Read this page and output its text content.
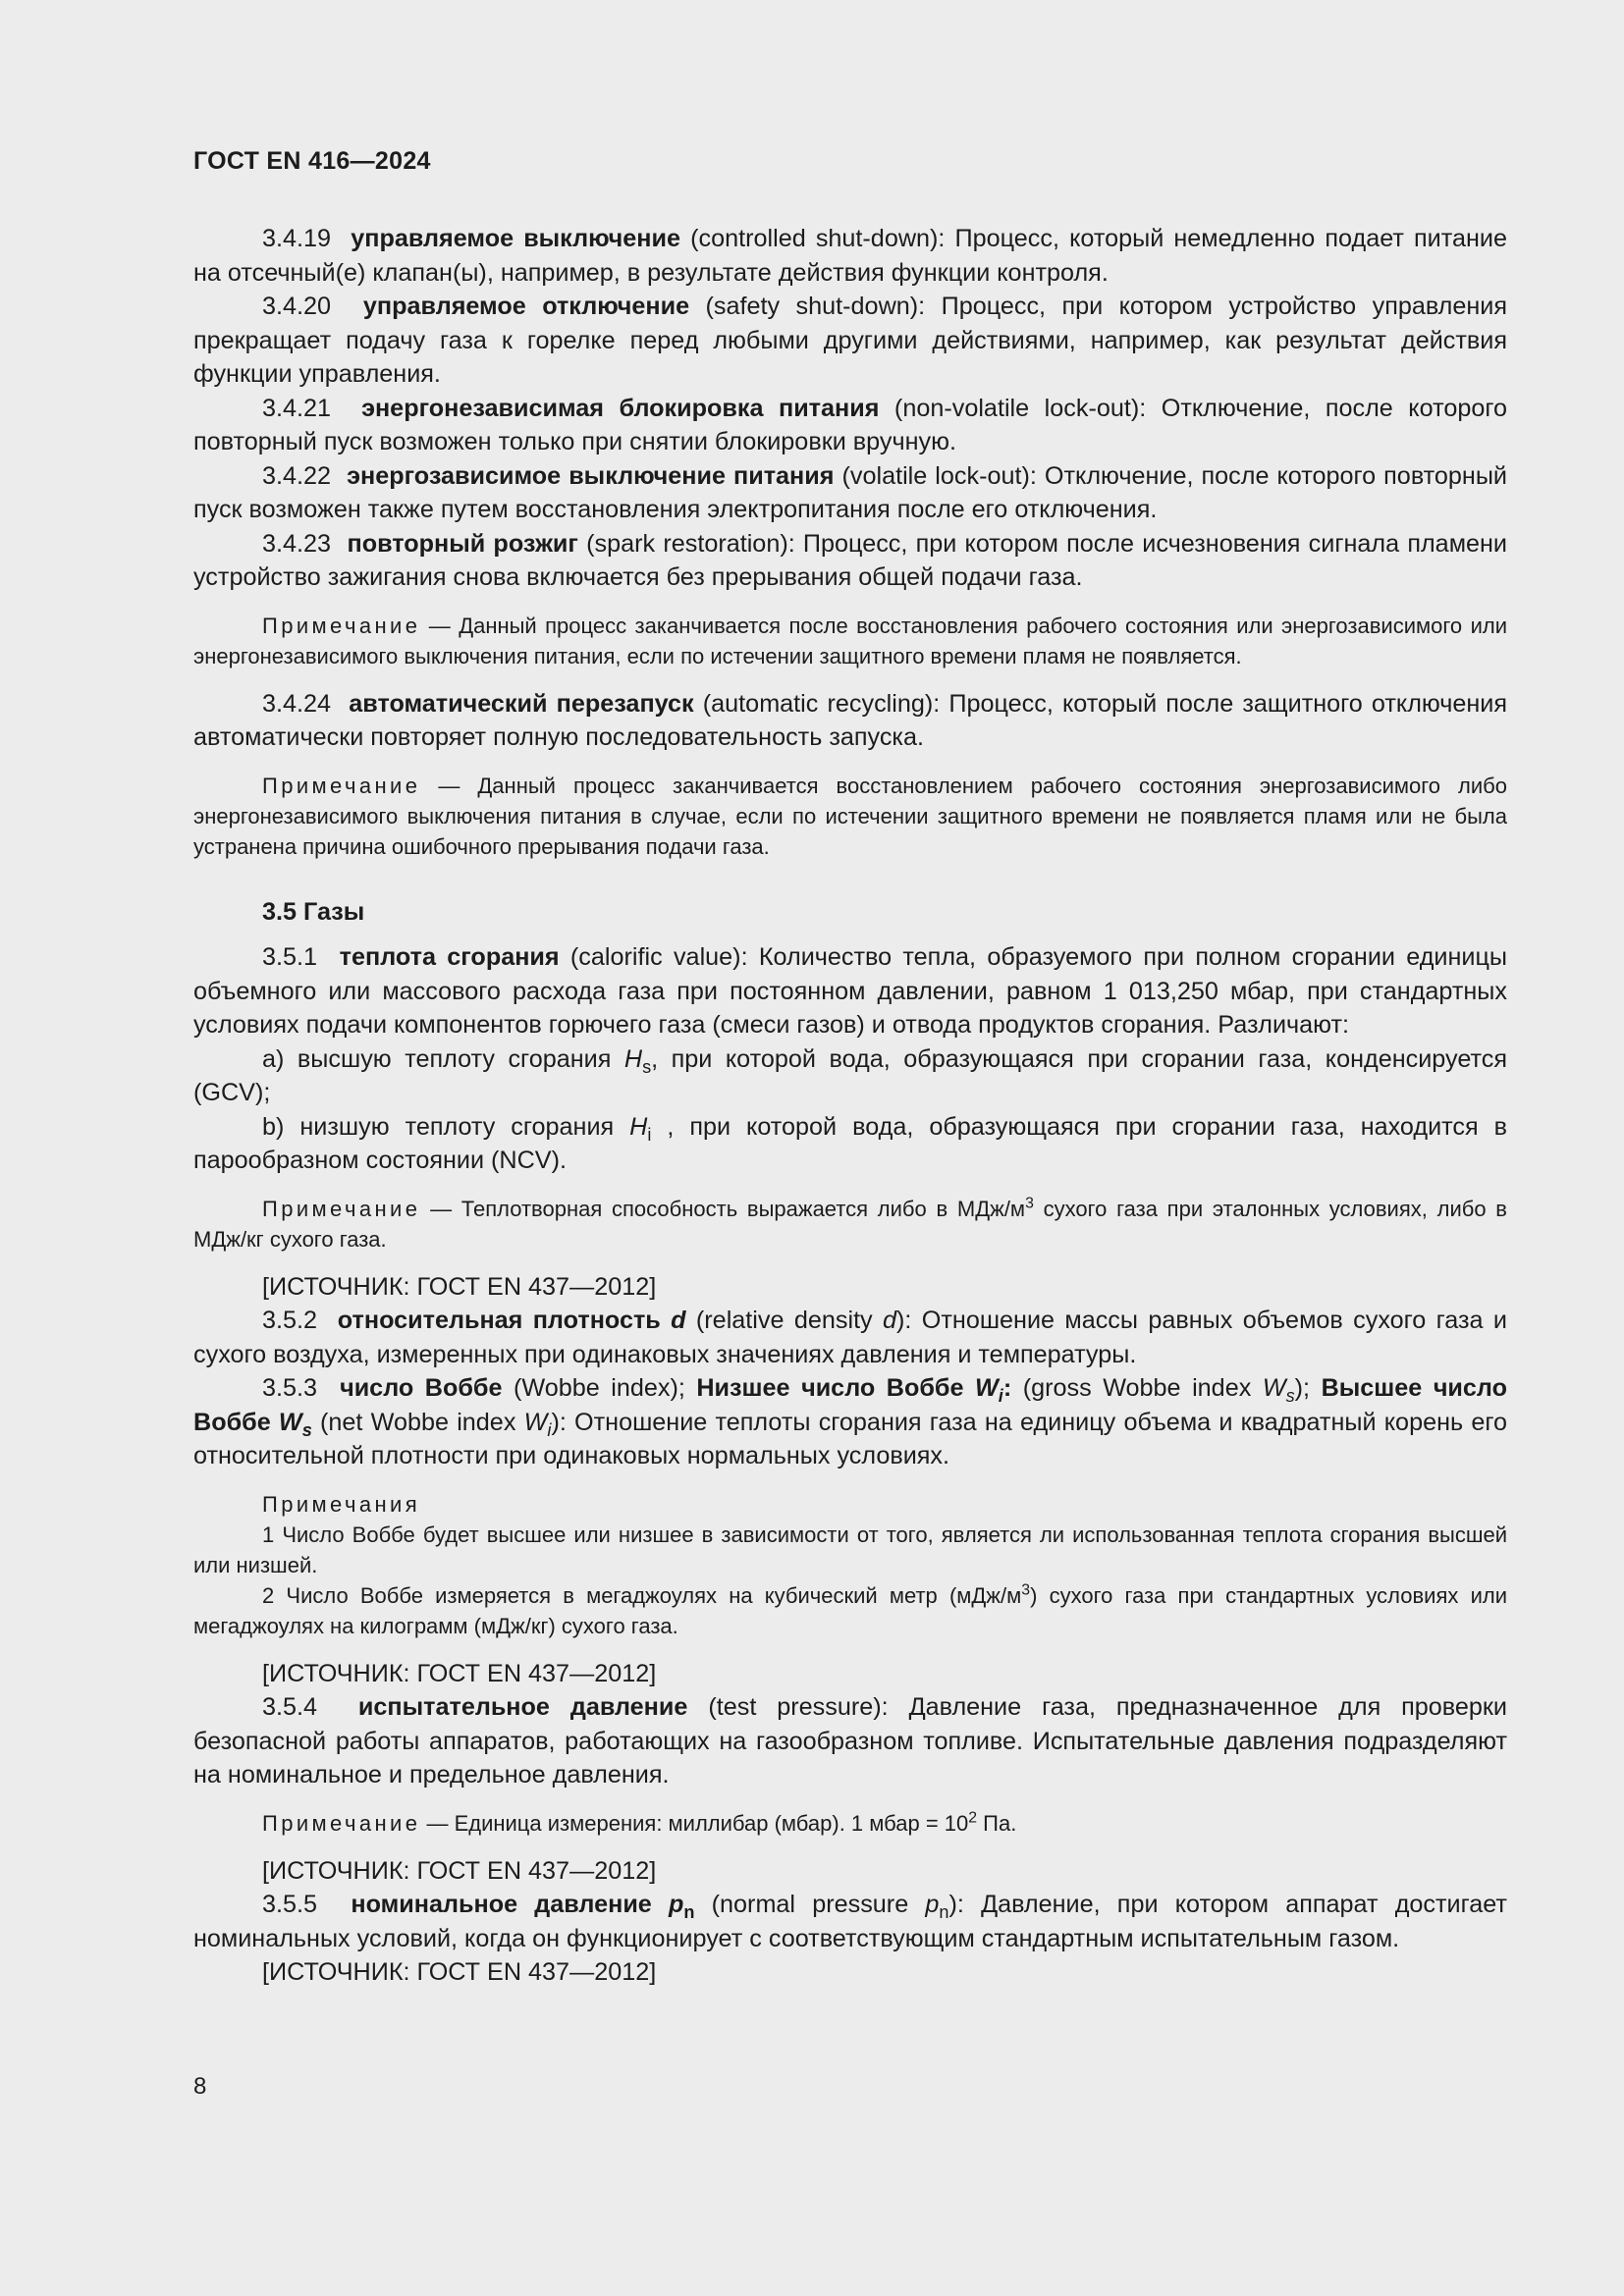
ГОСТ EN 416—2024

3.4.19 управляемое выключение (controlled shut-down): Процесс, который немедленно подает питание на отсечный(е) клапан(ы), например, в результате действия функции контроля.

3.4.20 управляемое отключение (safety shut-down): Процесс, при котором устройство управления прекращает подачу газа к горелке перед любыми другими действиями, например, как результат действия функции управления.

3.4.21 энергонезависимая блокировка питания (non-volatile lock-out): Отключение, после которого повторный пуск возможен только при снятии блокировки вручную.

3.4.22 энергозависимое выключение питания (volatile lock-out): Отключение, после которого повторный пуск возможен также путем восстановления электропитания после его отключения.

3.4.23 повторный розжиг (spark restoration): Процесс, при котором после исчезновения сигнала пламени устройство зажигания снова включается без прерывания общей подачи газа.

Примечание — Данный процесс заканчивается после восстановления рабочего состояния или энергозависимого или энергонезависимого выключения питания, если по истечении защитного времени пламя не появляется.

3.4.24 автоматический перезапуск (automatic recycling): Процесс, который после защитного отключения автоматически повторяет полную последовательность запуска.

Примечание — Данный процесс заканчивается восстановлением рабочего состояния энергозависимого либо энергонезависимого выключения питания в случае, если по истечении защитного времени не появляется пламя или не была устранена причина ошибочного прерывания подачи газа.

3.5 Газы

3.5.1 теплота сгорания (calorific value): Количество тепла, образуемого при полном сгорании единицы объемного или массового расхода газа при постоянном давлении, равном 1 013,250 мбар, при стандартных условиях подачи компонентов горючего газа (смеси газов) и отвода продуктов сгорания. Различают:

а) высшую теплоту сгорания $H_s$, при которой вода, образующаяся при сгорании газа, конденсируется (GCV);

b) низшую теплоту сгорания $H_i$ , при которой вода, образующаяся при сгорании газа, находится в парообразном состоянии (NCV).

Примечание — Теплотворная способность выражается либо в МДж/$м^3$ сухого газа при эталонных условиях, либо в МДж/кг сухого газа.

[ИСТОЧНИК: ГОСТ EN 437—2012]

3.5.2 относительная плотность d (relative density d): Отношение массы равных объемов сухого газа и сухого воздуха, измеренных при одинаковых значениях давления и температуры.

3.5.3 число Воббе (Wobbe index); Низшее число Воббе $W_i$: (gross Wobbe index $W_s$); Высшее число Воббе $W_s$ (net Wobbe index $W_i$): Отношение теплоты сгорания газа на единицу объема и квадратный корень его относительной плотности при одинаковых нормальных условиях.

Примечания

1 Число Воббе будет высшее или низшее в зависимости от того, является ли использованная теплота сгорания высшей или низшей.

2 Число Воббе измеряется в мегаджоулях на кубический метр $(мДж/м^3)$ сухого газа при стандартных условиях или мегаджоулях на килограмм (мДж/кг) сухого газа.

[ИСТОЧНИК: ГОСТ EN 437—2012]

3.5.4 испытательное давление (test pressure): Давление газа, предназначенное для проверки безопасной работы аппаратов, работающих на газообразном топливе. Испытательные давления подразделяют на номинальное и предельное давления.

Примечание — Единица измерения: миллибар (мбар). 1 мбар = $10^2$ Па.

[ИСТОЧНИК: ГОСТ EN 437—2012]

3.5.5 номинальное давление $p_n$ (normal pressure $p_n$): Давление, при котором аппарат достигает номинальных условий, когда он функционирует с соответствующим стандартным испытательным газом.

[ИСТОЧНИК: ГОСТ EN 437—2012]

8
